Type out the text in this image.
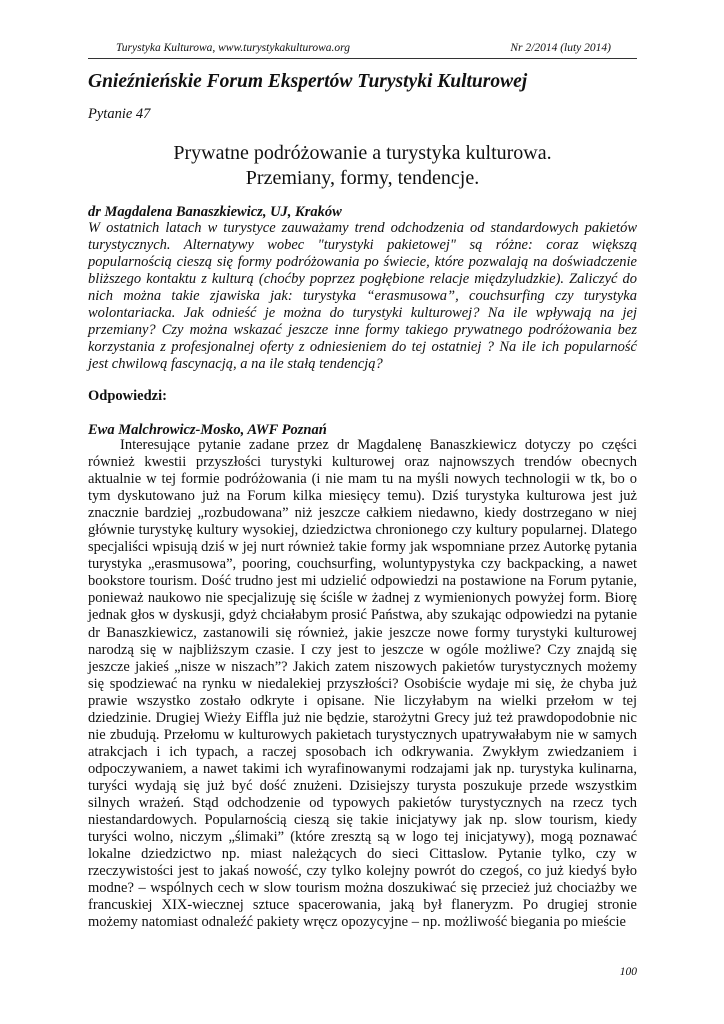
Turystyka Kulturowa, www.turystykakulturowa.org	Nr 2/2014 (luty 2014)
Gnieźnieńskie Forum Ekspertów Turystyki Kulturowej
Pytanie 47
Prywatne podróżowanie a turystyka kulturowa.
Przemiany, formy, tendencje.
dr Magdalena Banaszkiewicz, UJ, Kraków
W ostatnich latach w turystyce zauważamy trend odchodzenia od standardowych pakietów
turystycznych. Alternatywy wobec "turystyki pakietowej" są różne: coraz większą
popularnością cieszą się formy podróżowania po świecie, które pozwalają na doświadczenie
bliższego kontaktu z kulturą (choćby poprzez pogłębione relacje międzyludzkie). Zaliczyć do
nich można takie zjawiska jak: turystyka “erasmusowa”, couchsurfing czy turystyka
wolontariacka. Jak odnieść je można do turystyki kulturowej? Na ile wpływają na jej
przemiany? Czy można wskazać jeszcze inne formy takiego prywatnego podróżowania bez
korzystania z profesjonalnej oferty z odniesieniem do tej ostatniej ? Na ile ich popularność
jest chwilową fascynacją, a na ile stałą tendencją?
Odpowiedzi:
Ewa Malchrowicz-Mosko, AWF Poznań
Interesujące pytanie zadane przez dr Magdalenę Banaszkiewicz dotyczy po części
również kwestii przyszłości turystyki kulturowej oraz najnowszych trendów obecnych
aktualnie w tej formie podróżowania (i nie mam tu na myśli nowych technologii w tk, bo o
tym dyskutowano już na Forum kilka miesięcy temu). Dziś turystyka kulturowa jest już
znacznie bardziej „rozbudowana” niż jeszcze całkiem niedawno, kiedy dostrzegano w niej
głównie turystykę kultury wysokiej, dziedzictwa chronionego czy kultury popularnej. Dlatego
specjaliści wpisują dziś w jej nurt również takie formy jak wspomniane przez Autorkę pytania
turystyka „erasmusowa”, pooring, couchsurfing, woluntурystyka czy backpacking, a nawet
bookstore tourism. Dość trudno jest mi udzielić odpowiedzi na postawione na Forum pytanie,
ponieważ naukowo nie specjalizuję się ściśle w żadnej z wymienionych powyżej form. Biorę
jednak głos w dyskusji, gdyż chciałabym prosić Państwa, aby szukając odpowiedzi na pytanie
dr Banaszkiewicz, zastanowili się również, jakie jeszcze nowe formy turystyki kulturowej
narodzą się w najbliższym czasie. I czy jest to jeszcze w ogóle możliwe? Czy znajdą się
jeszcze jakieś „nisze w niszach”? Jakich zatem niszowych pakietów turystycznych możemy
się spodziewać na rynku w niedalekiej przyszłości? Osobiście wydaje mi się, że chyba już
prawie wszystko zostało odkryte i opisane. Nie liczyłabym na wielki przełom w tej
dziedzinie. Drugiej Wieży Eiffla już nie będzie, starożytni Grecy już też prawdopodobnie nic
nie zbudują. Przełomu w kulturowych pakietach turystycznych upatrywałabym nie w samych
atrakcjach i ich typach, a raczej sposobach ich odkrywania. Zwykłym zwiedzaniem i
odpoczywaniem, a nawet takimi ich wyrafinowanymi rodzajami jak np. turystyka kulinarna,
turyści wydają się już być dość znużeni. Dzisiejszy turysta poszukuje przede wszystkim
silnych wrażeń. Stąd odchodzenie od typowych pakietów turystycznych na rzecz tych
niestandardowych. Popularnością cieszą się takie inicjatywy jak np. slow tourism, kiedy
turyści wolno, niczym „ślimaki” (które zresztą są w logo tej inicjatywy), mogą poznawać
lokalne dziedzictwo np. miast należących do sieci Cittaslow. Pytanie tylko, czy w
rzeczywistości jest to jakaś nowość, czy tylko kolejny powrót do czegoś, co już kiedyś było
modne? – wspólnych cech w slow tourism można doszukiwać się przecież już chociażby we
francuskiej XIX-wiecznej sztuce spacerowania, jaką był flaneryzm. Po drugiej stronie
możemy natomiast odnaleźć pakiety wręcz opozycyjne – np. możliwość biegania po mieście
100
